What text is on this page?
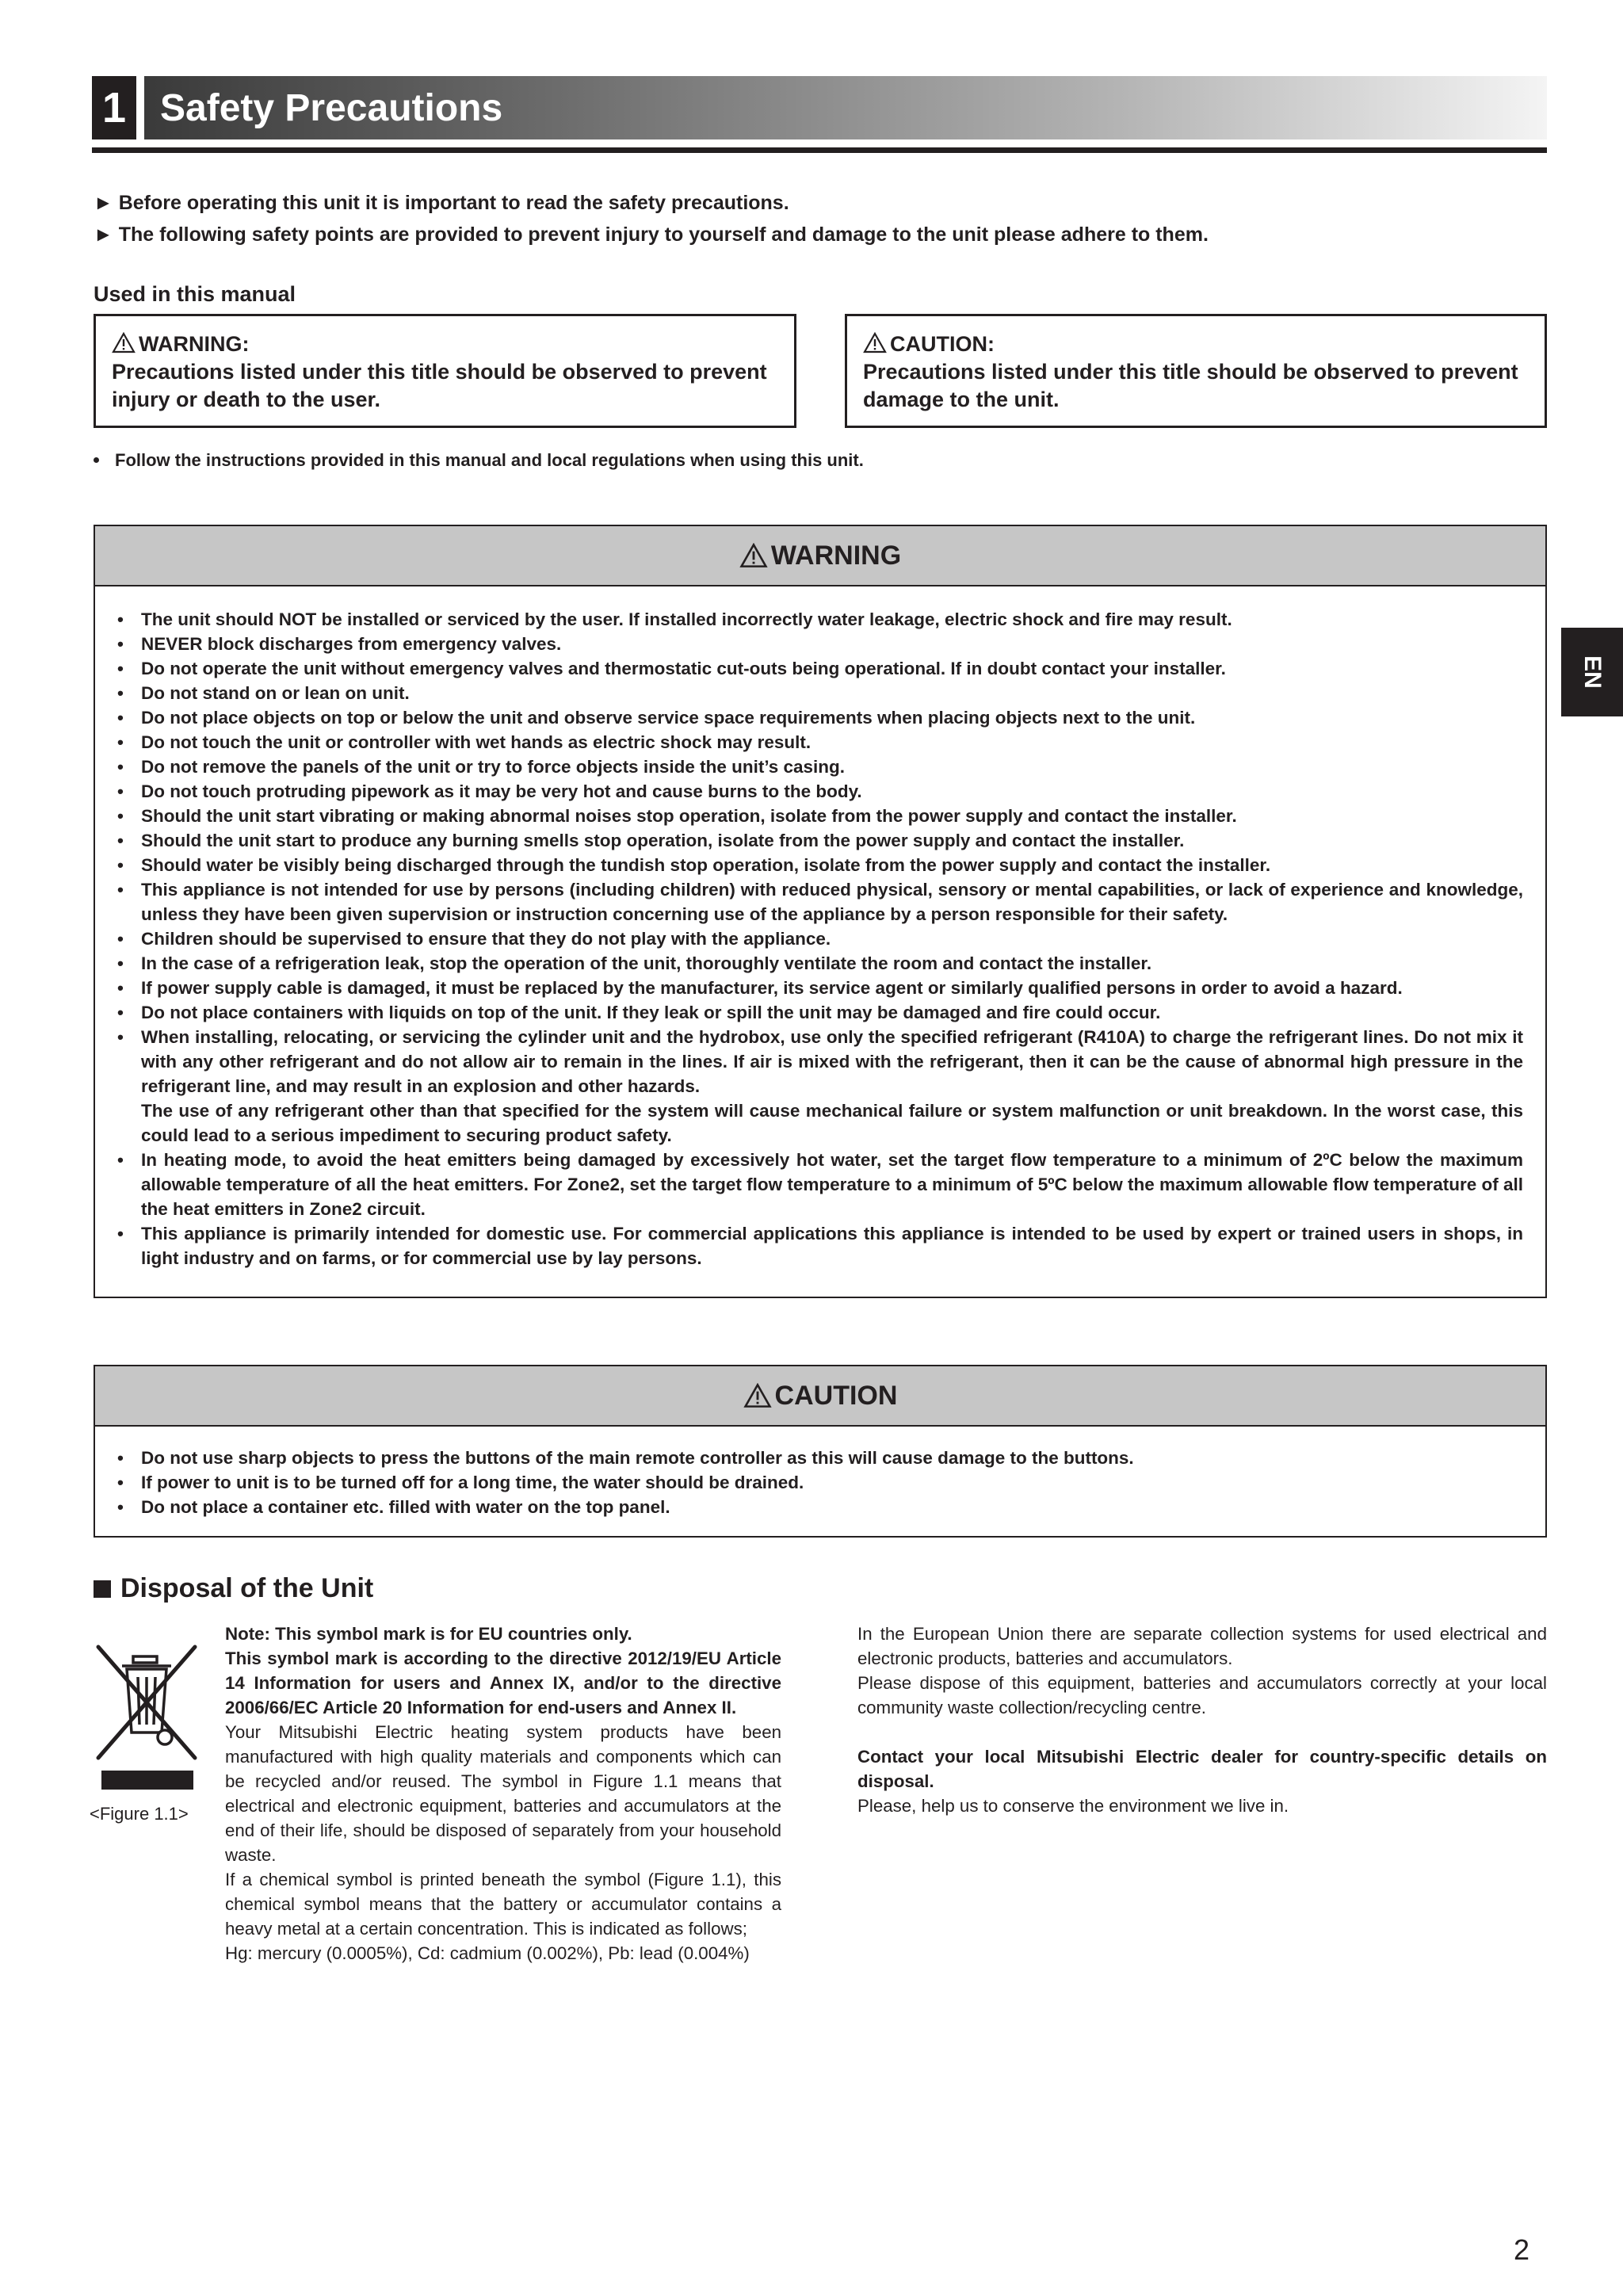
1 Safety Precautions
► Before operating this unit it is important to read the safety precautions.
► The following safety points are provided to prevent injury to yourself and damage to the unit please adhere to them.
Used in this manual
WARNING:
Precautions listed under this title should be observed to prevent injury or death to the user.
CAUTION:
Precautions listed under this title should be observed to prevent damage to the unit.
Follow the instructions provided in this manual and local regulations when using this unit.
WARNING
• The unit should NOT be installed or serviced by the user. If installed incorrectly water leakage, electric shock and fire may result.
• NEVER block discharges from emergency valves.
• Do not operate the unit without emergency valves and thermostatic cut-outs being operational. If in doubt contact your installer.
• Do not stand on or lean on unit.
• Do not place objects on top or below the unit and observe service space requirements when placing objects next to the unit.
• Do not touch the unit or controller with wet hands as electric shock may result.
• Do not remove the panels of the unit or try to force objects inside the unit’s casing.
• Do not touch protruding pipework as it may be very hot and cause burns to the body.
• Should the unit start vibrating or making abnormal noises stop operation, isolate from the power supply and contact the installer.
• Should the unit start to produce any burning smells stop operation, isolate from the power supply and contact the installer.
• Should water be visibly being discharged through the tundish stop operation, isolate from the power supply and contact the installer.
• This appliance is not intended for use by persons (including children) with reduced physical, sensory or mental capabilities, or lack of experience and knowledge, unless they have been given supervision or instruction concerning use of the appliance by a person responsible for their safety.
• Children should be supervised to ensure that they do not play with the appliance.
• In the case of a refrigeration leak, stop the operation of the unit, thoroughly ventilate the room and contact the installer.
• If power supply cable is damaged, it must be replaced by the manufacturer, its service agent or similarly qualified persons in order to avoid a hazard.
• Do not place containers with liquids on top of the unit. If they leak or spill the unit may be damaged and fire could occur.
• When installing, relocating, or servicing the cylinder unit and the hydrobox, use only the specified refrigerant (R410A) to charge the refrigerant lines. Do not mix it with any other refrigerant and do not allow air to remain in the lines. If air is mixed with the refrigerant, then it can be the cause of abnormal high pressure in the refrigerant line, and may result in an explosion and other hazards.
The use of any refrigerant other than that specified for the system will cause mechanical failure or system malfunction or unit breakdown. In the worst case, this could lead to a serious impediment to securing product safety.
• In heating mode, to avoid the heat emitters being damaged by excessively hot water, set the target flow temperature to a minimum of 2ºC below the maximum allowable temperature of all the heat emitters. For Zone2, set the target flow temperature to a minimum of 5ºC below the maximum allowable flow temperature of all the heat emitters in Zone2 circuit.
• This appliance is primarily intended for domestic use. For commercial applications this appliance is intended to be used by expert or trained users in shops, in light industry and on farms, or for commercial use by lay persons.
CAUTION
• Do not use sharp objects to press the buttons of the main remote controller as this will cause damage to the buttons.
• If power to unit is to be turned off for a long time, the water should be drained.
• Do not place a container etc. filled with water on the top panel.
EN
Disposal of the Unit
<Figure 1.1>

Note: This symbol mark is for EU countries only.

This symbol mark is according to the directive 2012/19/EU Article 14 Information for users and Annex IX, and/or to the directive 2006/66/EC Article 20 Information for end-users and Annex II.

Your Mitsubishi Electric heating system products have been manufactured with high quality materials and components which can be recycled and/or reused. The symbol in Figure 1.1 means that electrical and electronic equipment, batteries and accumulators at the end of their life, should be disposed of separately from your household waste.

If a chemical symbol is printed beneath the symbol (Figure 1.1), this chemical symbol means that the battery or accumulator contains a heavy metal at a certain concentration. This is indicated as follows;

Hg: mercury (0.0005%), Cd: cadmium (0.002%), Pb: lead (0.004%)

In the European Union there are separate collection systems for used electrical and electronic products, batteries and accumulators.

Please dispose of this equipment, batteries and accumulators correctly at your local community waste collection/recycling centre.

Contact your local Mitsubishi Electric dealer for country-specific details on disposal.

Please, help us to conserve the environment we live in.

2
